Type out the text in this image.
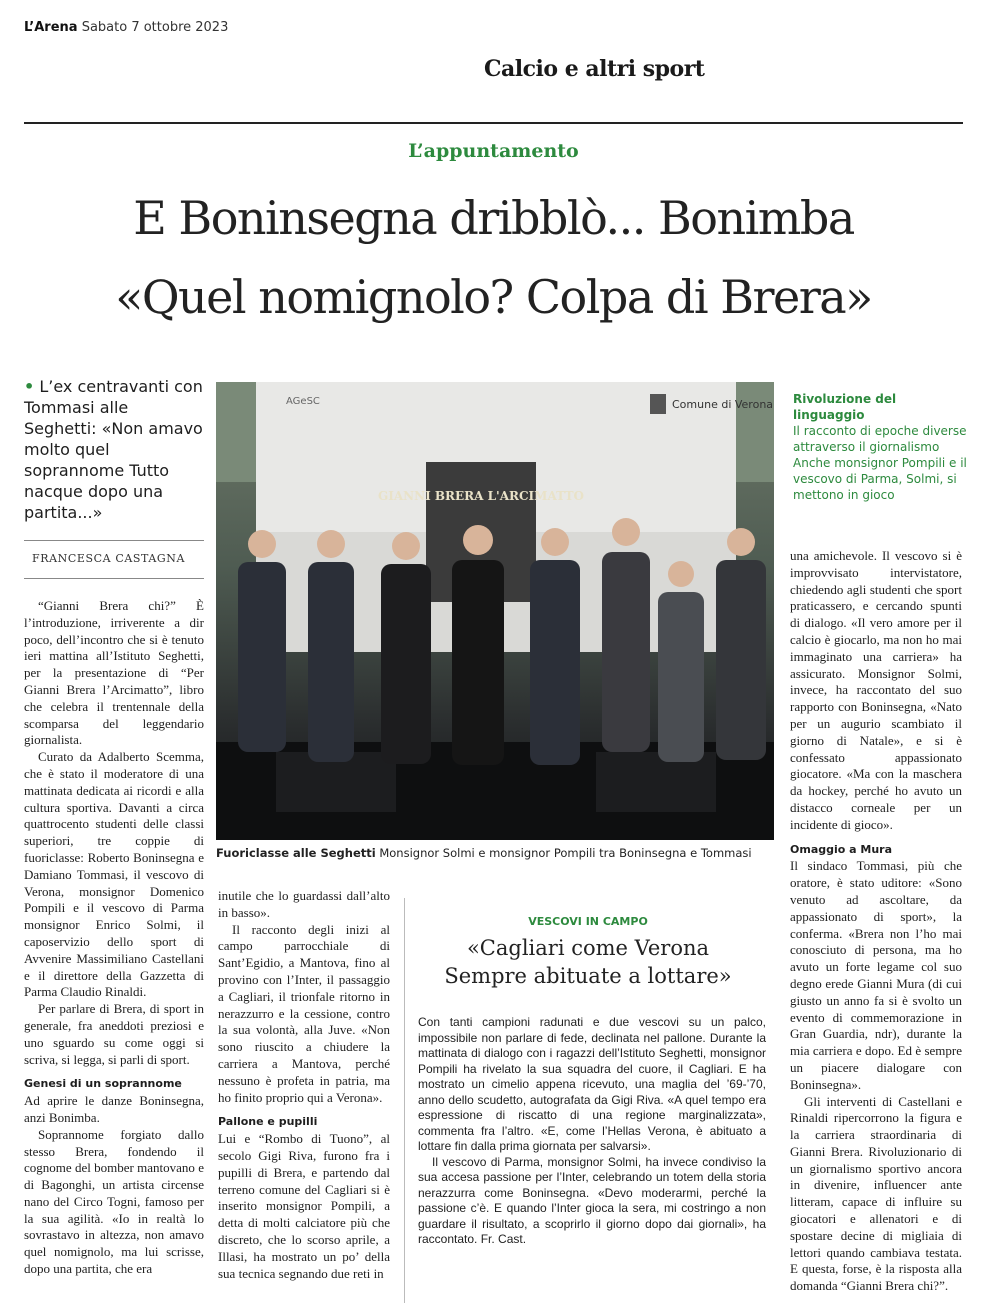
L’Arena Sabato 7 ottobre 2023
Calcio e altri sport
L’appuntamento
E Boninsegna dribblò... Bonimba
«Quel nomignolo? Colpa di Brera»
• L’ex centravanti con Tommasi alle Seghetti: «Non amavo molto quel soprannome Tutto nacque dopo una partita...»
FRANCESCA CASTAGNA

“Gianni Brera chi?” È l’introduzione, irriverente a dir poco, dell’incontro che si è tenuto ieri mattina all’Istituto Seghetti, per la presentazione di “Per Gianni Brera l’Arcimatto”, libro che celebra il trentennale della scomparsa del leggendario giornalista.

Curato da Adalberto Scemma, che è stato il moderatore di una mattinata dedicata ai ricordi e alla cultura sportiva. Davanti a circa quattrocento studenti delle classi superiori, tre coppie di fuoriclasse: Roberto Boninsegna e Damiano Tommasi, il vescovo di Verona, monsignor Domenico Pompili e il vescovo di Parma monsignor Enrico Solmi, il caposervizio dello sport di Avvenire Massimiliano Castellani e il direttore della Gazzetta di Parma Claudio Rinaldi.

Per parlare di Brera, di sport in generale, fra aneddoti preziosi e uno sguardo su come oggi si scriva, si legga, si parli di sport.

Genesi di un soprannome

Ad aprire le danze Boninsegna, anzi Bonimba.

Soprannome forgiato dallo stesso Brera, fondendo il cognome del bomber mantovano e di Bagonghi, un artista circense nano del Circo Togni, famoso per la sua agilità. «Io in realtà lo sovrastavo in altezza, non amavo quel nomignolo, ma lui scrisse, dopo una partita, che era

AGeSC	Comune di Verona
GIANNI BRERA L'ARCIMATTO
Fuoriclasse alle Seghetti Monsignor Solmi e monsignor Pompili tra Boninsegna e Tommasi
Rivoluzione del linguaggio
Il racconto di epoche diverse attraverso il giornalismo Anche monsignor Pompili e il vescovo di Parma, Solmi, si mettono in gioco

inutile che lo guardassi dall’alto in basso».

Il racconto degli inizi al campo parrocchiale di Sant’Egidio, a Mantova, fino al provino con l’Inter, il passaggio a Cagliari, il trionfale ritorno in nerazzurro e la cessione, contro la sua volontà, alla Juve. «Non sono riuscito a chiudere la carriera a Mantova, perché nessuno è profeta in patria, ma ho finito proprio qui a Verona».

Pallone e pupilli

Lui e “Rombo di Tuono”, al secolo Gigi Riva, furono fra i pupilli di Brera, e partendo dal terreno comune del Cagliari si è inserito monsignor Pompili, a detta di molti calciatore più che discreto, che lo scorso aprile, a Illasi, ha mostrato un po’ della sua tecnica segnando due reti in

VESCOVI IN CAMPO
«Cagliari come Verona
Sempre abituate a lottare»

Con tanti campioni radunati e due vescovi su un palco, impossibile non parlare di fede, declinata nel pallone. Durante la mattinata di dialogo con i ragazzi dell’Istituto Seghetti, monsignor Pompili ha rivelato la sua squadra del cuore, il Cagliari. E ha mostrato un cimelio appena ricevuto, una maglia del ’69-’70, anno dello scudetto, autografata da Gigi Riva. «A quel tempo era espressione di riscatto di una regione marginalizzata», commenta fra l’altro. «E, come l’Hellas Verona, è abituato a lottare fin dalla prima giornata per salvarsi».

Il vescovo di Parma, monsignor Solmi, ha invece condiviso la sua accesa passione per l’Inter, celebrando un totem della storia nerazzurra come Boninsegna. «Devo moderarmi, perché la passione c’è. E quando l’Inter gioca la sera, mi costringo a non guardare il risultato, a scoprirlo il giorno dopo dai giornali», ha raccontato. Fr. Cast.

una amichevole. Il vescovo si è improvvisato intervistatore, chiedendo agli studenti che sport praticassero, e cercando spunti di dialogo. «Il vero amore per il calcio è giocarlo, ma non ho mai immaginato una carriera» ha assicurato. Monsignor Solmi, invece, ha raccontato del suo rapporto con Boninsegna, «Nato per un augurio scambiato il giorno di Natale», e si è confessato appassionato giocatore. «Ma con la maschera da hockey, perché ho avuto un distacco corneale per un incidente di gioco».

Omaggio a Mura

Il sindaco Tommasi, più che oratore, è stato uditore: «Sono venuto ad ascoltare, da appassionato di sport», la conferma. «Brera non l’ho mai conosciuto di persona, ma ho avuto un forte legame col suo degno erede Gianni Mura (di cui giusto un anno fa si è svolto un evento di commemorazione in Gran Guardia, ndr), durante la mia carriera e dopo. Ed è sempre un piacere dialogare con Boninsegna».

Gli interventi di Castellani e Rinaldi ripercorrono la figura e la carriera straordinaria di Gianni Brera. Rivoluzionario di un giornalismo sportivo ancora in divenire, influencer ante litteram, capace di influire su giocatori e allenatori e di spostare decine di migliaia di lettori quando cambiava testata. E questa, forse, è la risposta alla domanda “Gianni Brera chi?”.
